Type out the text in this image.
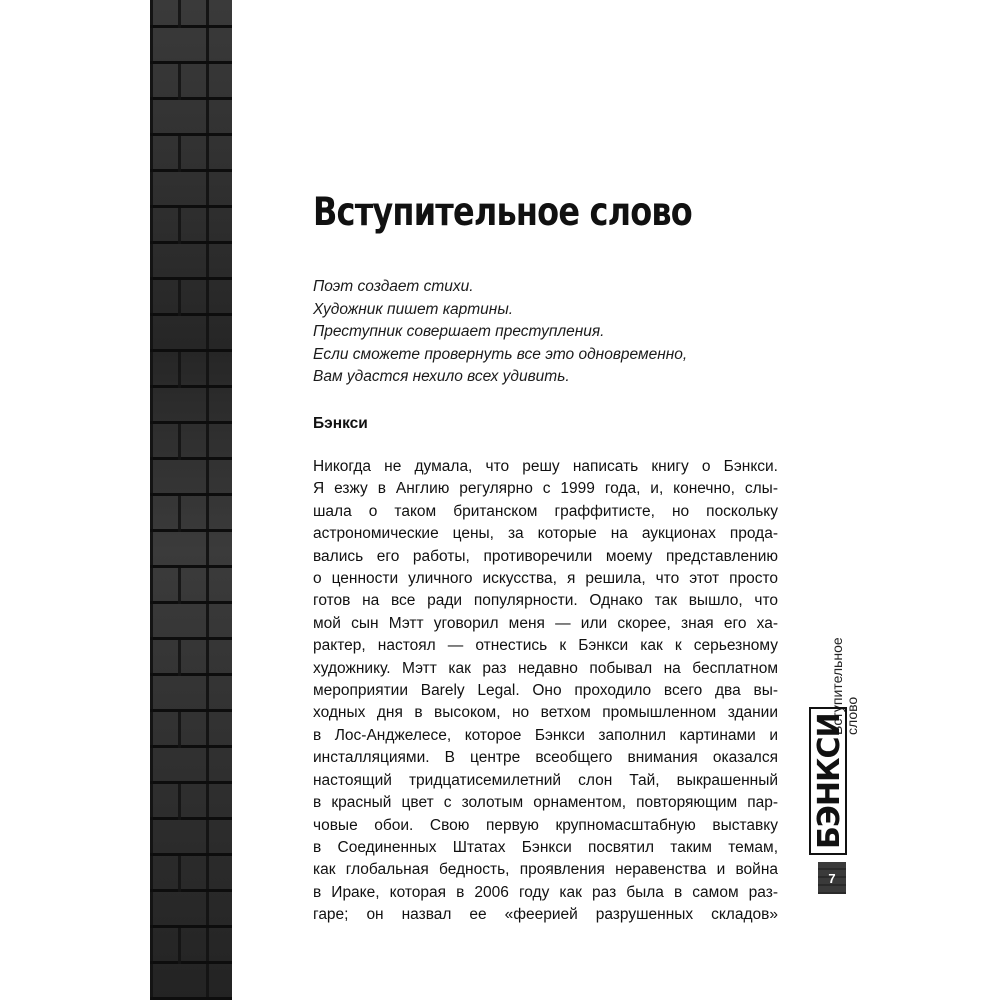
Вступительное слово
Поэт создает стихи.
Художник пишет картины.
Преступник совершает преступления.
Если сможете провернуть все это одновременно,
Вам удастся нехило всех удивить.
Бэнкси
Никогда не думала, что решу написать книгу о Бэнкси.
Я езжу в Англию регулярно с 1999 года, и, конечно, слы-
шала о таком британском граффитисте, но поскольку
астрономические цены, за которые на аукционах прода-
вались его работы, противоречили моему представлению
о ценности уличного искусства, я решила, что этот просто
готов на все ради популярности. Однако так вышло, что
мой сын Мэтт уговорил меня — или скорее, зная его ха-
рактер, настоял — отнестись к Бэнкси как к серьезному
художнику. Мэтт как раз недавно побывал на бесплатном
мероприятии Barely Legal. Оно проходило всего два вы-
ходных дня в высоком, но ветхом промышленном здании
в Лос-Анджелесе, которое Бэнкси заполнил картинами и
инсталляциями. В центре всеобщего внимания оказался
настоящий тридцатисемилетний слон Тай, выкрашенный
в красный цвет с золотым орнаментом, повторяющим пар-
човые обои. Свою первую крупномасштабную выставку
в Соединенных Штатах Бэнкси посвятил таким темам,
как глобальная бедность, проявления неравенства и война
в Ираке, которая в 2006 году как раз была в самом раз-
гаре; он назвал ее «феерией разрушенных складов»
Вступительное слово
БЭНКСИ
7
